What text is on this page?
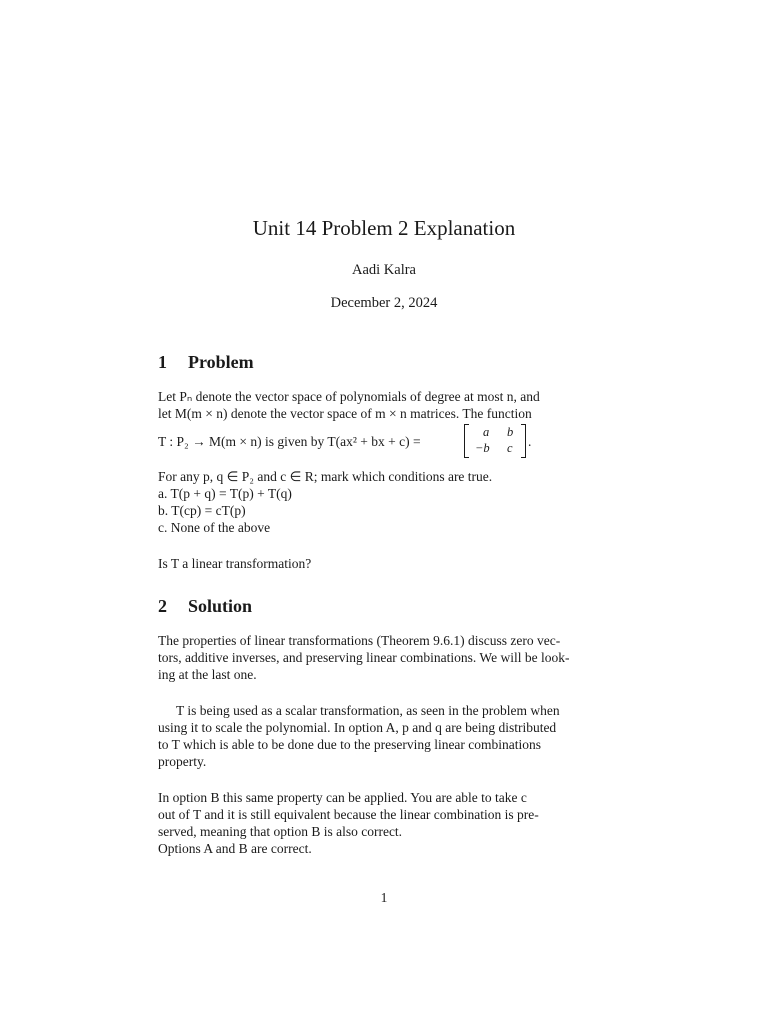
Unit 14 Problem 2 Explanation
Aadi Kalra
December 2, 2024
1 Problem
Let Pₙ denote the vector space of polynomials of degree at most n, and
let M(m × n) denote the vector space of m × n matrices. The function
T : P₂ → M(m × n) is given by T(ax² + bx + c) =
a b
−b c .
For any p, q ∈ P₂ and c ∈ R; mark which conditions are true.
a. T(p + q) = T(p) + T(q)
b. T(cp) = cT(p)
c. None of the above
Is T a linear transformation?
2 Solution
The properties of linear transformations (Theorem 9.6.1) discuss zero vec-
tors, additive inverses, and preserving linear combinations. We will be look-
ing at the last one.
T is being used as a scalar transformation, as seen in the problem when
using it to scale the polynomial. In option A, p and q are being distributed
to T which is able to be done due to the preserving linear combinations
property.
In option B this same property can be applied. You are able to take c
out of T and it is still equivalent because the linear combination is pre-
served, meaning that option B is also correct.
Options A and B are correct.
1
